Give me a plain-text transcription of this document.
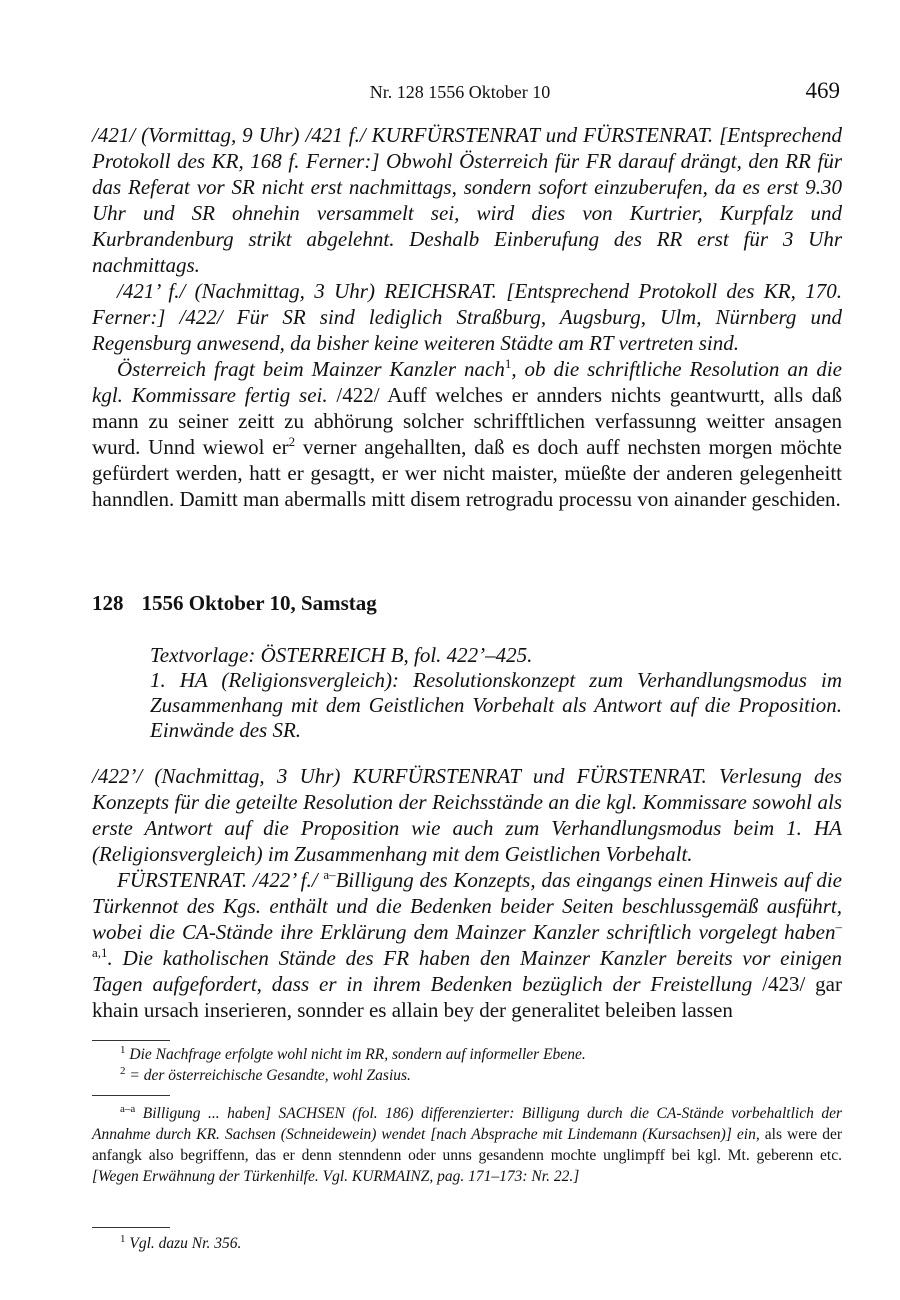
Nr. 128 1556 Oktober 10	469

/421/ (Vormittag, 9 Uhr) /421 f./ KURFÜRSTENRAT und FÜRSTENRAT. [Entsprechend Protokoll des KR, 168 f. Ferner:] Obwohl Österreich für FR darauf drängt, den RR für das Referat vor SR nicht erst nachmittags, sondern sofort einzuberufen, da es erst 9.30 Uhr und SR ohnehin versammelt sei, wird dies von Kurtrier, Kurpfalz und Kurbrandenburg strikt abgelehnt. Deshalb Einberufung des RR erst für 3 Uhr nachmittags.

/421’ f./ (Nachmittag, 3 Uhr) REICHSRAT. [Entsprechend Protokoll des KR, 170. Ferner:] /422/ Für SR sind lediglich Straßburg, Augsburg, Ulm, Nürnberg und Regensburg anwesend, da bisher keine weiteren Städte am RT vertreten sind.

Österreich fragt beim Mainzer Kanzler nach$^1$, ob die schriftliche Resolution an die kgl. Kommissare fertig sei. /422/ Auff welches er annders nichts geantwurtt, alls daß mann zu seiner zeitt zu abhörung solcher schrifftlichen verfassunng weitter ansagen wurd. Unnd wiewol $er^2$ verner angehallten, daß es doch auff nechsten morgen möchte gefürdert werden, hatt er gesagtt, er wer nicht maister, müeßte der anderen gelegenheitt hanndlen. Damitt man abermalls mitt disem retrogradu processu von ainander geschiden.

128 1556 Oktober 10, Samstag

Textvorlage: ÖSTERREICH B, fol. 422’–425.

1. HA (Religionsvergleich): Resolutionskonzept zum Verhandlungsmodus im Zusammenhang mit dem Geistlichen Vorbehalt als Antwort auf die Proposition. Einwände des SR.

/422’/ (Nachmittag, 3 Uhr) KURFÜRSTENRAT und FÜRSTENRAT. Verlesung des Konzepts für die geteilte Resolution der Reichsstände an die kgl. Kommissare sowohl als erste Antwort auf die Proposition wie auch zum Verhandlungsmodus beim 1. HA (Religionsvergleich) im Zusammenhang mit dem Geistlichen Vorbehalt.

FÜRSTENRAT. /422’ f./ $^{a-}$Billigung des Konzepts, das eingangs einen Hinweis auf die Türkennot des Kgs. enthält und die Bedenken beider Seiten beschlussgemäß ausführt, wobei die CA-Stände ihre Erklärung dem Mainzer Kanzler schriftlich vorgelegt haben$^{-a,1}$. Die katholischen Stände des FR haben den Mainzer Kanzler bereits vor einigen Tagen aufgefordert, dass er in ihrem Bedenken bezüglich der Freistellung /423/ gar khain ursach inserieren, sonnder es allain bey der generalitet beleiben lassen

$^1$ Die Nachfrage erfolgte wohl nicht im RR, sondern auf informeller Ebene.

$^2$ = der österreichische Gesandte, wohl Zasius.

$^{a-a}$ Billigung ... haben] SACHSEN (fol. 186) differenzierter: Billigung durch die CA-Stände vorbehaltlich der Annahme durch KR. Sachsen (Schneidewein) wendet [nach Absprache mit Lindemann (Kursachsen)] ein, als were der anfangk also begriffenn, das er denn stenndenn oder unns gesandenn mochte unglimpff bei kgl. Mt. geberenn etc. [Wegen Erwähnung der Türkenhilfe. Vgl. KURMAINZ, pag. 171–173: Nr. 22.]

$^1$ Vgl. dazu Nr. 356.
